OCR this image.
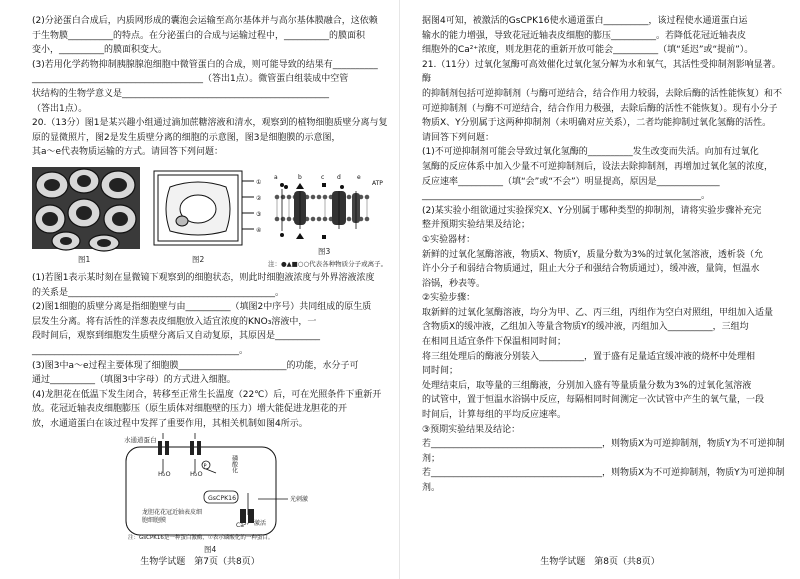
(2)分泌蛋白合成后，内质网形成的囊泡会运输至高尔基体并与高尔基体膜融合，这依赖

于生物膜__________的特点。在分泌蛋白的合成与运输过程中，__________的膜面积

变小，__________的膜面积变大。

(3)若用化学药物抑制胰腺腺泡细胞中微管蛋白的合成，则可能导致的结果有__________

______________________________________（答出1点）。微管蛋白组装成中空管

状结构的生物学意义是______________________________________________

（答出1点）。

20.（13分）图1是某兴趣小组通过滴加蔗糖溶液和清水，观察到的植物细胞质壁分离与复

原的显微照片，图2是发生质壁分离的细胞的示意图，图3是细胞膜的示意图，

其a～e代表物质运输的方式。请回答下列问题：

①
②
③
④
a	b	c d	e
ATP
图1	图2
图3
注：●▲■○○代表各种物质分子或离子。

(1)若图1表示某时刻在显微镜下观察到的细胞状态，则此时细胞液浓度与外界溶液浓度

的关系是______________________________________________。

(2)图1细胞的质壁分离是指细胞壁与由__________（填图2中序号）共同组成的原生质

层发生分离。将有活性的洋葱表皮细胞放入适宜浓度的KNO₃溶液中，一

段时间后，观察到细胞发生质壁分离后又自动复原，其原因是__________

______________________________________________。

(3)图3中a～e过程主要体现了细胞膜________________________的功能，水分子可

通过__________（填图3中字母）的方式进入细胞。

(4)龙胆花在低温下发生闭合，转移至正常生长温度（22℃）后，可在光照条件下重新开

放。花冠近轴表皮细胞膨压（原生质体对细胞壁的压力）增大能促进龙胆花的开

放，水通道蛋白在该过程中发挥了重要作用，其相关机制如图4所示。

P
水通道蛋白
H₂O	H₂O
磷酸化
GsCPK16
激活
Ca²⁺
光刺激
龙胆花花冠近轴表皮细胞细胞膜
注：GsCPK16是一种蛋白激酶，☉表示磷酸化的一种蛋白。
图4
生物学试题　第7页（共8页）

据图4可知，被激活的GsCPK16使水通道蛋白__________，该过程使水通道蛋白运

输水的能力增强，导致花冠近轴表皮细胞的膨压__________。若降低花冠近轴表皮

细胞外的Ca²⁺浓度，则龙胆花的重新开放可能会__________（填“延迟”或“提前”）。

21.（11分）过氧化氢酶可高效催化过氧化氢分解为水和氧气，其活性受抑制剂影响显著。酶

的抑制剂包括可逆抑制剂（与酶可逆结合，结合作用力较弱，去除后酶的活性能恢复）和不

可逆抑制剂（与酶不可逆结合，结合作用力极强，去除后酶的活性不能恢复）。现有小分子

物质X、Y分别属于这两种抑制剂（未明确对应关系），二者均能抑制过氧化氢酶的活性。

请回答下列问题：

(1)不可逆抑制剂可能会导致过氧化氢酶的__________发生改变而失活。向加有过氧化

氢酶的反应体系中加入少量不可逆抑制剂后，设法去除抑制剂，再增加过氧化氢的浓度，

反应速率__________（填“会”或“不会”）明显提高，原因是______________

______________________________________________________________。

(2)某实验小组欲通过实验探究X、Y分别属于哪种类型的抑制剂，请将实验步骤补充完

整并预期实验结果及结论；

①实验器材：

新鲜的过氧化氢酶溶液，物质X、物质Y，质量分数为3%的过氧化氢溶液，透析袋（允

许小分子和弱结合物质通过，阻止大分子和强结合物质通过），缓冲液，量筒，恒温水

浴锅，秒表等。

②实验步骤：

取新鲜的过氧化氢酶溶液，均分为甲、乙、丙三组，丙组作为空白对照组，甲组加入适量

含物质X的缓冲液，乙组加入等量含物质Y的缓冲液，丙组加入__________，三组均

在相同且适宜条件下保温相同时间；

将三组处理后的酶液分别装入__________，置于盛有足量适宜缓冲液的烧杯中处理相

同时间；

处理结束后，取等量的三组酶液，分别加入盛有等量质量分数为3%的过氧化氢溶液

的试管中，置于恒温水浴锅中反应，每隔相同时间测定一次试管中产生的氧气量，一段

时间后，计算每组的平均反应速率。

③预期实验结果及结论：

若______________________________________，则物质X为可逆抑制剂，物质Y为不可逆抑制剂；

若______________________________________，则物质X为不可逆抑制剂，物质Y为可逆抑制剂。

生物学试题　第8页（共8页）
